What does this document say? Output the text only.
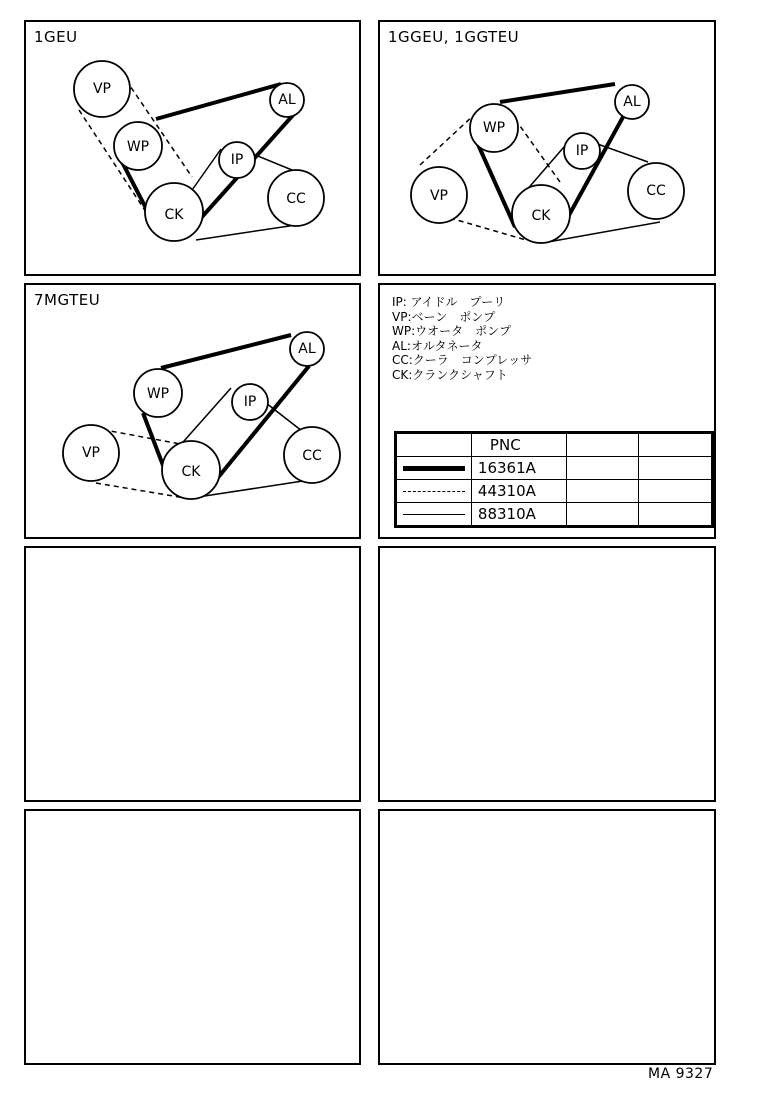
1GEU
VP
WP
AL
IP
CK
CC
1GGEU, 1GGTEU
WP
AL
IP
VP
CK
CC
7MGTEU
AL
WP	IP
VP
CK
CC
IP: アイドル　プーリ
VP:ベーン　ポンプ
WP:ウオータ　ポンプ
AL:オルタネータ
CC:クーラ　コンプレッサ
CK:クランクシャフト
	PNC		

	16361A		

	44310A		

	88310A		
MA 9327
